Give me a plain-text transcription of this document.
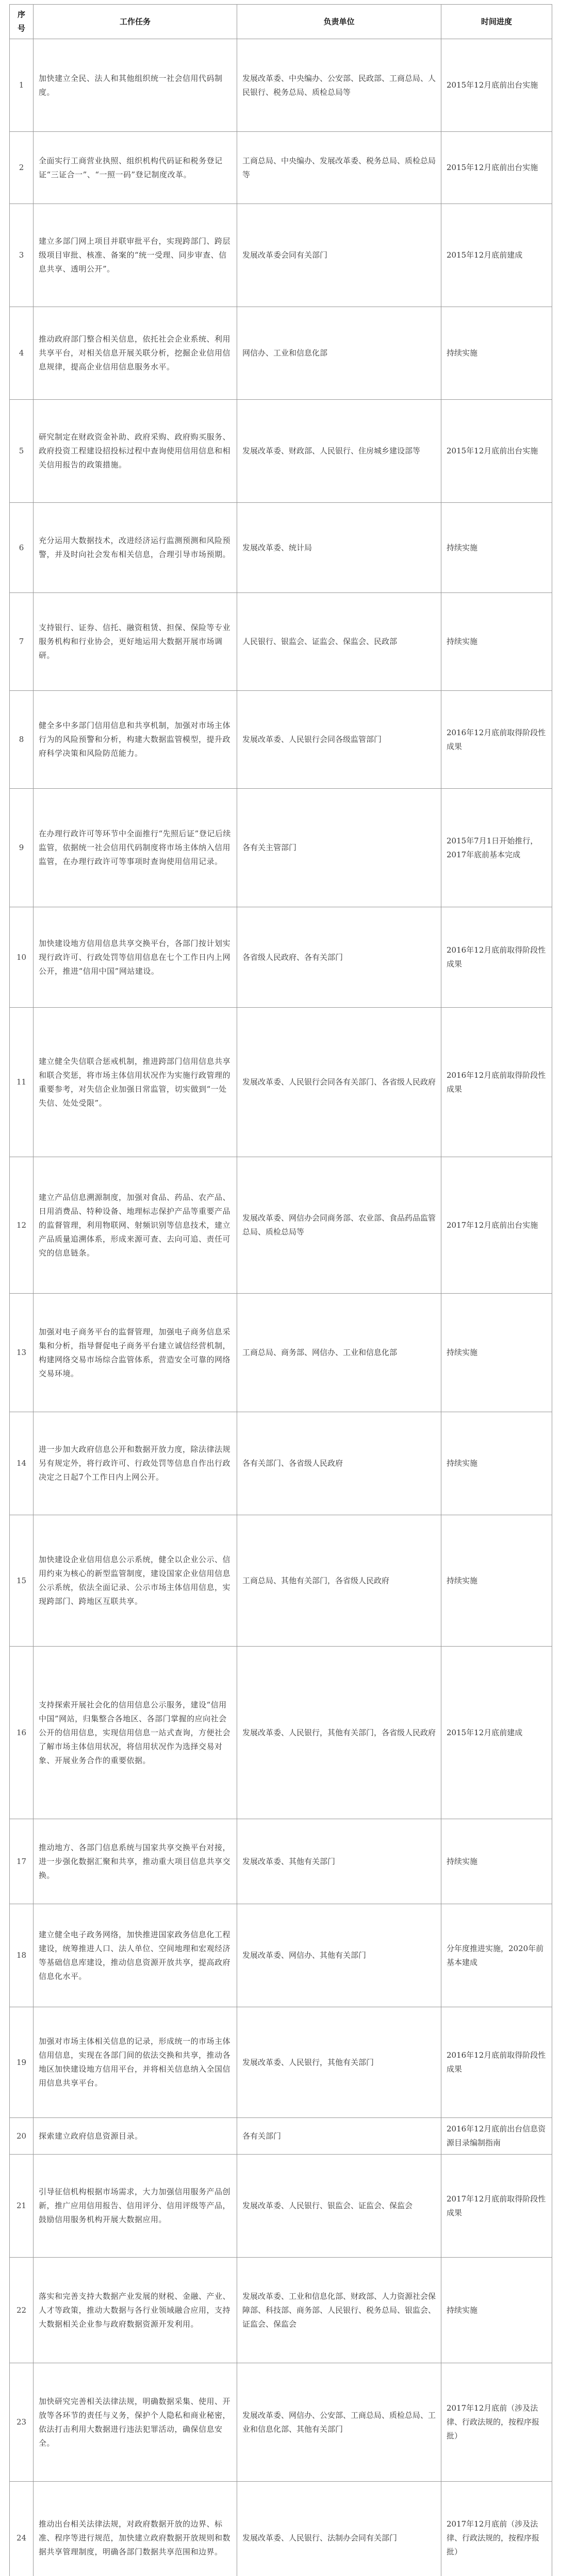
序号	工作任务	负责单位	时间进度
1	加快建立全民、法人和其他组织统一社会信用代码制度。	发展改革委、中央编办、公安部、民政部、工商总局、人民银行、税务总局、质检总局等	2015年12月底前出台实施
2	全面实行工商营业执照、组织机构代码证和税务登记证“三证合一”、“一照一码”登记制度改革。	工商总局、中央编办、发展改革委、税务总局、质检总局等	2015年12月底前出台实施
3	建立多部门网上项目并联审批平台，实现跨部门、跨层级项目审批、核准、备案的“统一受理、同步审查、信息共享、透明公开”。	发展改革委会同有关部门	2015年12月底前建成
4	推动政府部门整合相关信息，依托社会企业系统、利用共享平台，对相关信息开展关联分析，挖掘企业信用信息规律，提高企业信用信息服务水平。	网信办、工业和信息化部	持续实施
5	研究制定在财政资金补助、政府采购、政府购买服务、政府投资工程建设招投标过程中查询使用信用信息和相关信用报告的政策措施。	发展改革委、财政部、人民银行、住房城乡建设部等	2015年12月底前出台实施
6	充分运用大数据技术，改进经济运行监测预测和风险预警，并及时向社会发布相关信息，合理引导市场预期。	发展改革委、统计局	持续实施
7	支持银行、证券、信托、融资租赁、担保、保险等专业服务机构和行业协会，更好地运用大数据开展市场调研。	人民银行、银监会、证监会、保监会、民政部	持续实施
8	健全多中多部门信用信息和共享机制，加强对市场主体行为的风险预警和分析，构建大数据监管模型，提升政府科学决策和风险防范能力。	发展改革委、人民银行会同各级监管部门	2016年12月底前取得阶段性成果
9	在办理行政许可等环节中全面推行“先照后证”登记后续监管，依据统一社会信用代码制度将市场主体纳入信用监管，在办理行政许可等事项时查询使用信用记录。	各有关主管部门	2015年7月1日开始推行，2017年底前基本完成
10	加快建设地方信用信息共享交换平台，各部门按计划实现行政许可、行政处罚等信用信息在七个工作日内上网公开，推进“信用中国”网站建设。	各省级人民政府、各有关部门	2016年12月底前取得阶段性成果
11	建立健全失信联合惩戒机制，推进跨部门信用信息共享和联合奖惩，将市场主体信用状况作为实施行政管理的重要参考，对失信企业加强日常监管，切实做到“一处失信、处处受限”。	发展改革委、人民银行会同各有关部门、各省级人民政府	2016年12月底前取得阶段性成果
12	建立产品信息溯源制度，加强对食品、药品、农产品、日用消费品、特种设备、地理标志保护产品等重要产品的监督管理，利用物联网、射频识别等信息技术，建立产品质量追溯体系，形成来源可查、去向可追、责任可究的信息链条。	发展改革委、网信办会同商务部、农业部、食品药品监管总局、质检总局等	2017年12月底前出台实施
13	加强对电子商务平台的监督管理，加强电子商务信息采集和分析，指导督促电子商务平台建立诚信经营机制，构建网络交易市场综合监管体系，营造安全可靠的网络交易环境。	工商总局、商务部、网信办、工业和信息化部	持续实施
14	进一步加大政府信息公开和数据开放力度，除法律法规另有规定外，将行政许可、行政处罚等信息自作出行政决定之日起7个工作日内上网公开。	各有关部门、各省级人民政府	持续实施
15	加快建设企业信用信息公示系统，健全以企业公示、信用约束为核心的新型监管制度，建设国家企业信用信息公示系统，依法全面记录、公示市场主体信用信息，实现跨部门、跨地区互联共享。	工商总局、其他有关部门，各省级人民政府	持续实施
16	支持探索开展社会化的信用信息公示服务，建设“信用中国”网站，归集整合各地区、各部门掌握的应向社会公开的信用信息，实现信用信息一站式查询，方便社会了解市场主体信用状况，将信用状况作为选择交易对象、开展业务合作的重要依据。	发展改革委、人民银行，其他有关部门，各省级人民政府	2015年12月底前建成
17	推动地方、各部门信息系统与国家共享交换平台对接，进一步强化数据汇聚和共享，推动重大项目信息共享交换。	发展改革委、其他有关部门	持续实施
18	建立健全电子政务网络，加快推进国家政务信息化工程建设，统筹推进人口、法人单位、空间地理和宏观经济等基础信息库建设，推动信息资源开放共享，提高政府信息化水平。	发展改革委、网信办、其他有关部门	分年度推进实施，2020年前基本建成
19	加强对市场主体相关信息的记录，形成统一的市场主体信用信息，实现在各部门间的依法交换和共享，推动各地区加快建设地方信用平台，并将相关信息纳入全国信用信息共享平台。	发展改革委、人民银行，其他有关部门	2016年12月底前取得阶段性成果
20	探索建立政府信息资源目录。	各有关部门	2016年12月底前出台信息资源目录编制指南
21	引导征信机构根据市场需求，大力加强信用服务产品创新，推广应用信用报告、信用评分、信用评级等产品，鼓励信用服务机构开展大数据应用。	发展改革委、人民银行、银监会、证监会、保监会	2017年12月底前取得阶段性成果
22	落实和完善支持大数据产业发展的财税、金融、产业、人才等政策，推动大数据与各行业领域融合应用，支持大数据相关企业参与政府数据资源开发利用。	发展改革委、工业和信息化部、财政部、人力资源社会保障部、科技部、商务部、人民银行、税务总局、银监会、证监会、保监会	持续实施
23	加快研究完善相关法律法规，明确数据采集、使用、开放等各环节的责任与义务，保护个人隐私和商业秘密，依法打击利用大数据进行违法犯罪活动，确保信息安全。	发展改革委、网信办、公安部、工商总局、质检总局、工业和信息化部、其他有关部门	2017年12月底前（涉及法律、行政法规的，按程序报批）
24	推动出台相关法律法规，对政府数据开放的边界、标准、程序等进行规范，加快建立政府数据开放规则和数据共享管理制度，明确各部门数据共享范围和边界。	发展改革委、人民银行、法制办会同有关部门	2017年12月底前（涉及法律、行政法规的，按程序报批）
